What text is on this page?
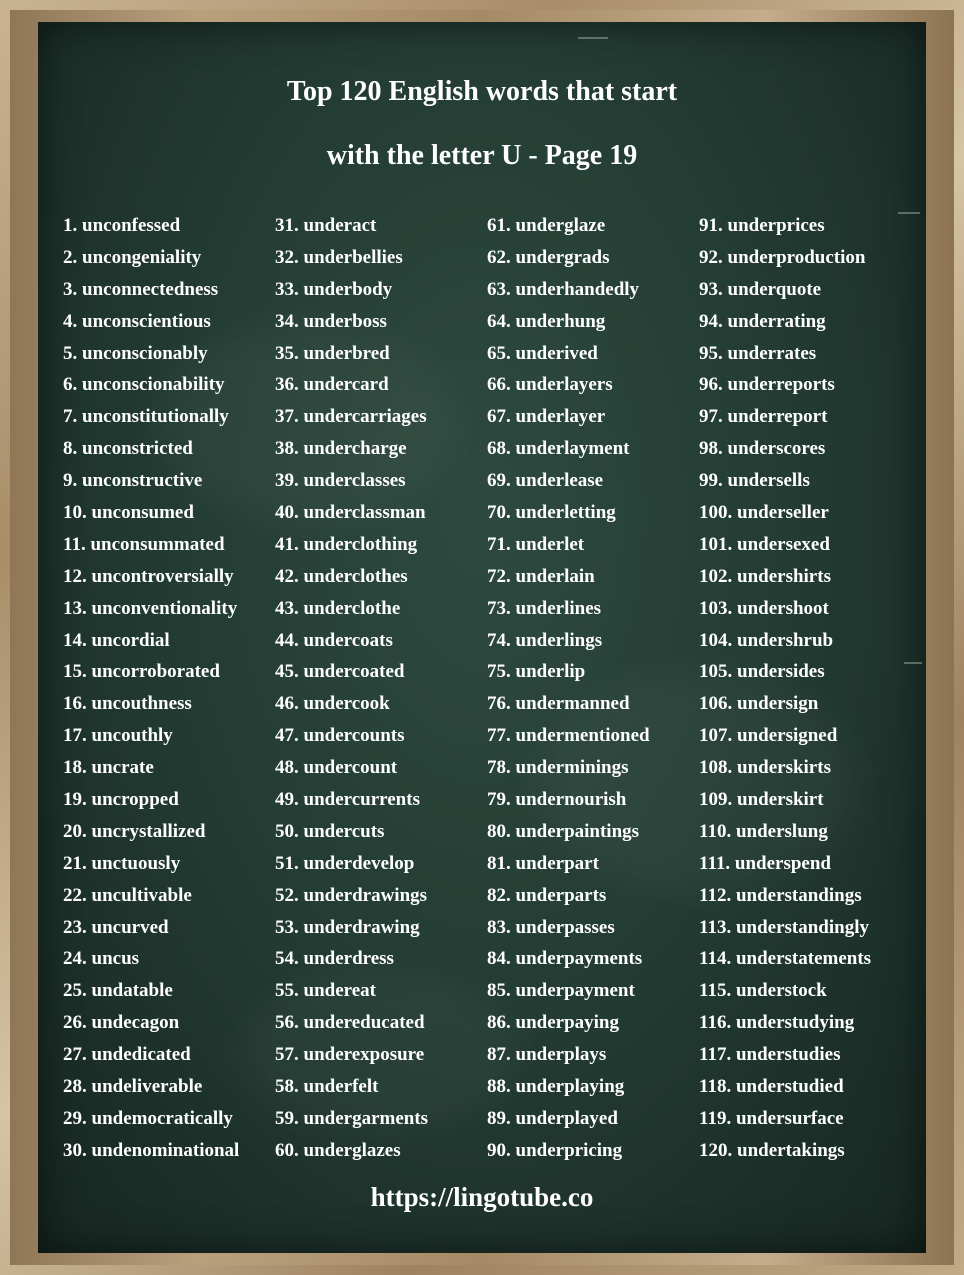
Top 120 English words that start
with the letter U - Page 19
1. unconfessed
2. uncongeniality
3. unconnectedness
4. unconscientious
5. unconscionably
6. unconscionability
7. unconstitutionally
8. unconstricted
9. unconstructive
10. unconsumed
11. unconsummated
12. uncontroversially
13. unconventionality
14. uncordial
15. uncorroborated
16. uncouthness
17. uncouthly
18. uncrate
19. uncropped
20. uncrystallized
21. unctuously
22. uncultivable
23. uncurved
24. uncus
25. undatable
26. undecagon
27. undedicated
28. undeliverable
29. undemocratically
30. undenominational
31. underact
32. underbellies
33. underbody
34. underboss
35. underbred
36. undercard
37. undercarriages
38. undercharge
39. underclasses
40. underclassman
41. underclothing
42. underclothes
43. underclothe
44. undercoats
45. undercoated
46. undercook
47. undercounts
48. undercount
49. undercurrents
50. undercuts
51. underdevelop
52. underdrawings
53. underdrawing
54. underdress
55. undereat
56. undereducated
57. underexposure
58. underfelt
59. undergarments
60. underglazes
61. underglaze
62. undergrads
63. underhandedly
64. underhung
65. underived
66. underlayers
67. underlayer
68. underlayment
69. underlease
70. underletting
71. underlet
72. underlain
73. underlines
74. underlings
75. underlip
76. undermanned
77. undermentioned
78. underminings
79. undernourish
80. underpaintings
81. underpart
82. underparts
83. underpasses
84. underpayments
85. underpayment
86. underpaying
87. underplays
88. underplaying
89. underplayed
90. underpricing
91. underprices
92. underproduction
93. underquote
94. underrating
95. underrates
96. underreports
97. underreport
98. underscores
99. undersells
100. underseller
101. undersexed
102. undershirts
103. undershoot
104. undershrub
105. undersides
106. undersign
107. undersigned
108. underskirts
109. underskirt
110. underslung
111. underspend
112. understandings
113. understandingly
114. understatements
115. understock
116. understudying
117. understudies
118. understudied
119. undersurface
120. undertakings
https://lingotube.co
